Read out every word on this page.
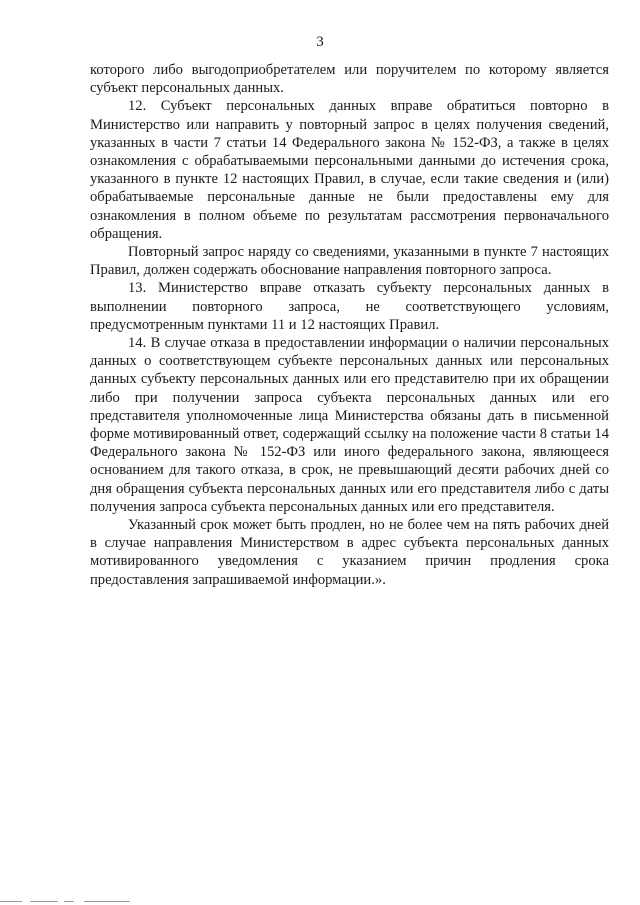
3

которого либо выгодоприобретателем или поручителем по которому является субъект персональных данных.

12. Субъект персональных данных вправе обратиться повторно в Министерство или направить у повторный запрос в целях получения сведений, указанных в части 7 статьи 14 Федерального закона № 152-ФЗ, а также в целях ознакомления с обрабатываемыми персональными данными до истечения срока, указанного в пункте 12 настоящих Правил, в случае, если такие сведения и (или) обрабатываемые персональные данные не были предоставлены ему для ознакомления в полном объеме по результатам рассмотрения первоначального обращения.

Повторный запрос наряду со сведениями, указанными в пункте 7 настоящих Правил, должен содержать обоснование направления повторного запроса.

13. Министерство вправе отказать субъекту персональных данных в выполнении повторного запроса, не соответствующего условиям, предусмотренным пунктами 11 и 12 настоящих Правил.

14. В случае отказа в предоставлении информации о наличии персональных данных о соответствующем субъекте персональных данных или персональных данных субъекту персональных данных или его представителю при их обращении либо при получении запроса субъекта персональных данных или его представителя уполномоченные лица Министерства обязаны дать в письменной форме мотивированный ответ, содержащий ссылку на положение части 8 статьи 14 Федерального закона № 152-ФЗ или иного федерального закона, являющееся основанием для такого отказа, в срок, не превышающий десяти рабочих дней со дня обращения субъекта персональных данных или его представителя либо с даты получения запроса субъекта персональных данных или его представителя.

Указанный срок может быть продлен, но не более чем на пять рабочих дней в случае направления Министерством в адрес субъекта персональных данных мотивированного уведомления с указанием причин продления срока предоставления запрашиваемой информации.».
